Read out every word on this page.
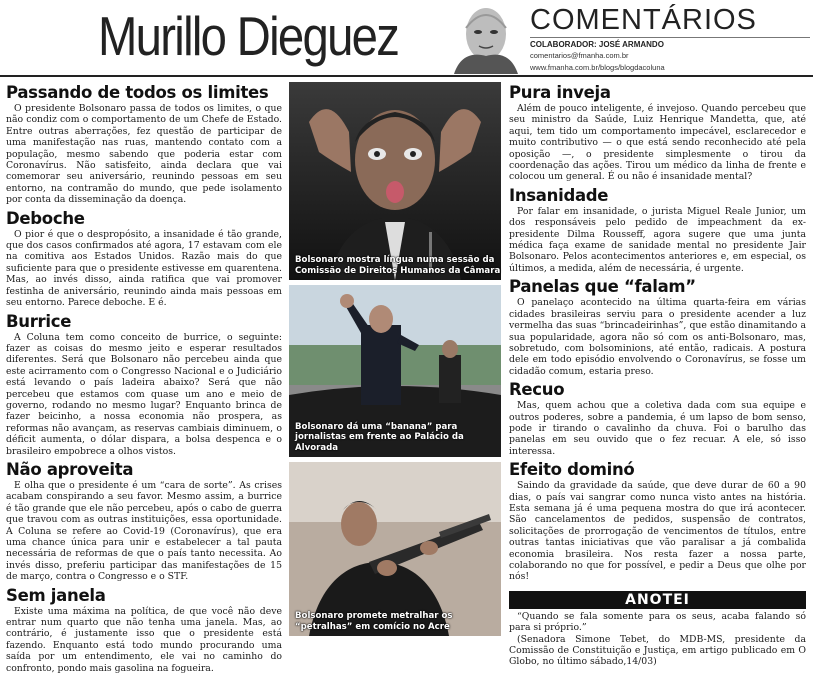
Murillo Dieguez	COMENTÁRIOS
COLABORADOR: JOSÉ ARMANDO
comentarios@fmanha.com.br
www.fmanha.com.br/blogs/blogdacoluna
Passando de todos os limites

O presidente Bolsonaro passa de todos os limites, o que não condiz com o comportamento de um Chefe de Estado. Entre outras aberrações, fez questão de participar de uma manifestação nas ruas, mantendo contato com a população, mesmo sabendo que poderia estar com Coronavírus. Não satisfeito, ainda declara que vai comemorar seu aniversário, reunindo pessoas em seu entorno, na contramão do mundo, que pede isolamento por conta da disseminação da doença.

Deboche

O pior é que o despropósito, a insanidade é tão grande, que dos casos confirmados até agora, 17 estavam com ele na comitiva aos Estados Unidos. Razão mais do que suficiente para que o presidente estivesse em quarentena. Mas, ao invés disso, ainda ratifica que vai promover festinha de aniversário, reunindo ainda mais pessoas em seu entorno. Parece deboche. E é.

Burrice

A Coluna tem como conceito de burrice, o seguinte: fazer as coisas do mesmo jeito e esperar resultados diferentes. Será que Bolsonaro não percebeu ainda que este acirramento com o Congresso Nacional e o Judiciário está levando o país ladeira abaixo? Será que não percebeu que estamos com quase um ano e meio de governo, rodando no mesmo lugar? Enquanto brinca de fazer beicinho, a nossa economia não prospera, as reformas não avançam, as reservas cambiais diminuem, o déficit aumenta, o dólar dispara, a bolsa despenca e o brasileiro empobrece a olhos vistos.

Não aproveita

E olha que o presidente é um “cara de sorte”. As crises acabam conspirando a seu favor. Mesmo assim, a burrice é tão grande que ele não percebeu, após o cabo de guerra que travou com as outras instituições, essa oportunidade. A Coluna se refere ao Covid-19 (Coronavírus), que era uma chance única para unir e estabelecer a tal pauta necessária de reformas de que o país tanto necessita. Ao invés disso, preferiu participar das manifestações de 15 de março, contra o Congresso e o STF.

Sem janela

Existe uma máxima na política, de que você não deve entrar num quarto que não tenha uma janela. Mas, ao contrário, é justamente isso que o presidente está fazendo. Enquanto está todo mundo procurando uma saída por um entendimento, ele vai no caminho do confronto, pondo mais gasolina na fogueira.

Bolsonaro mostra língua numa sessão da Comissão de Direitos Humanos da Câmara
Bolsonaro dá uma “banana” para jornalistas em frente ao Palácio da Alvorada
Bolsonaro promete metralhar os “petralhas” em comício no Acre
Pura inveja

Além de pouco inteligente, é invejoso. Quando percebeu que seu ministro da Saúde, Luiz Henrique Mandetta, que, até aqui, tem tido um comportamento impecável, esclarecedor e muito contributivo — o que está sendo reconhecido até pela oposição —, o presidente simplesmente o tirou da coordenação das ações. Tirou um médico da linha de frente e colocou um general. É ou não é insanidade mental?

Insanidade

Por falar em insanidade, o jurista Miguel Reale Junior, um dos responsáveis pelo pedido de impeachment da ex-presidente Dilma Rousseff, agora sugere que uma junta médica faça exame de sanidade mental no presidente Jair Bolsonaro. Pelos acontecimentos anteriores e, em especial, os últimos, a medida, além de necessária, é urgente.

Panelas que “falam”

O panelaço acontecido na última quarta-feira em várias cidades brasileiras serviu para o presidente acender a luz vermelha das suas “brincadeirinhas”, que estão dinamitando a sua popularidade, agora não só com os anti-Bolsonaro, mas, sobretudo, com bolsominions, até então, radicais. A postura dele em todo episódio envolvendo o Coronavírus, se fosse um cidadão comum, estaria preso.

Recuo

Mas, quem achou que a coletiva dada com sua equipe e outros poderes, sobre a pandemia, é um lapso de bom senso, pode ir tirando o cavalinho da chuva. Foi o barulho das panelas em seu ouvido que o fez recuar. A ele, só isso interessa.

Efeito dominó

Saindo da gravidade da saúde, que deve durar de 60 a 90 dias, o país vai sangrar como nunca visto antes na história. Esta semana já é uma pequena mostra do que irá acontecer. São cancelamentos de pedidos, suspensão de contratos, solicitações de prorrogação de vencimentos de títulos, entre outras tantas iniciativas que vão paralisar a já combalida economia brasileira. Nos resta fazer a nossa parte, colaborando no que for possível, e pedir a Deus que olhe por nós!

ANOTEI

“Quando se fala somente para os seus, acaba falando só para si próprio.”

(Senadora Simone Tebet, do MDB-MS, presidente da Comissão de Constituição e Justiça, em artigo publicado em O Globo, no último sábado,14/03)
